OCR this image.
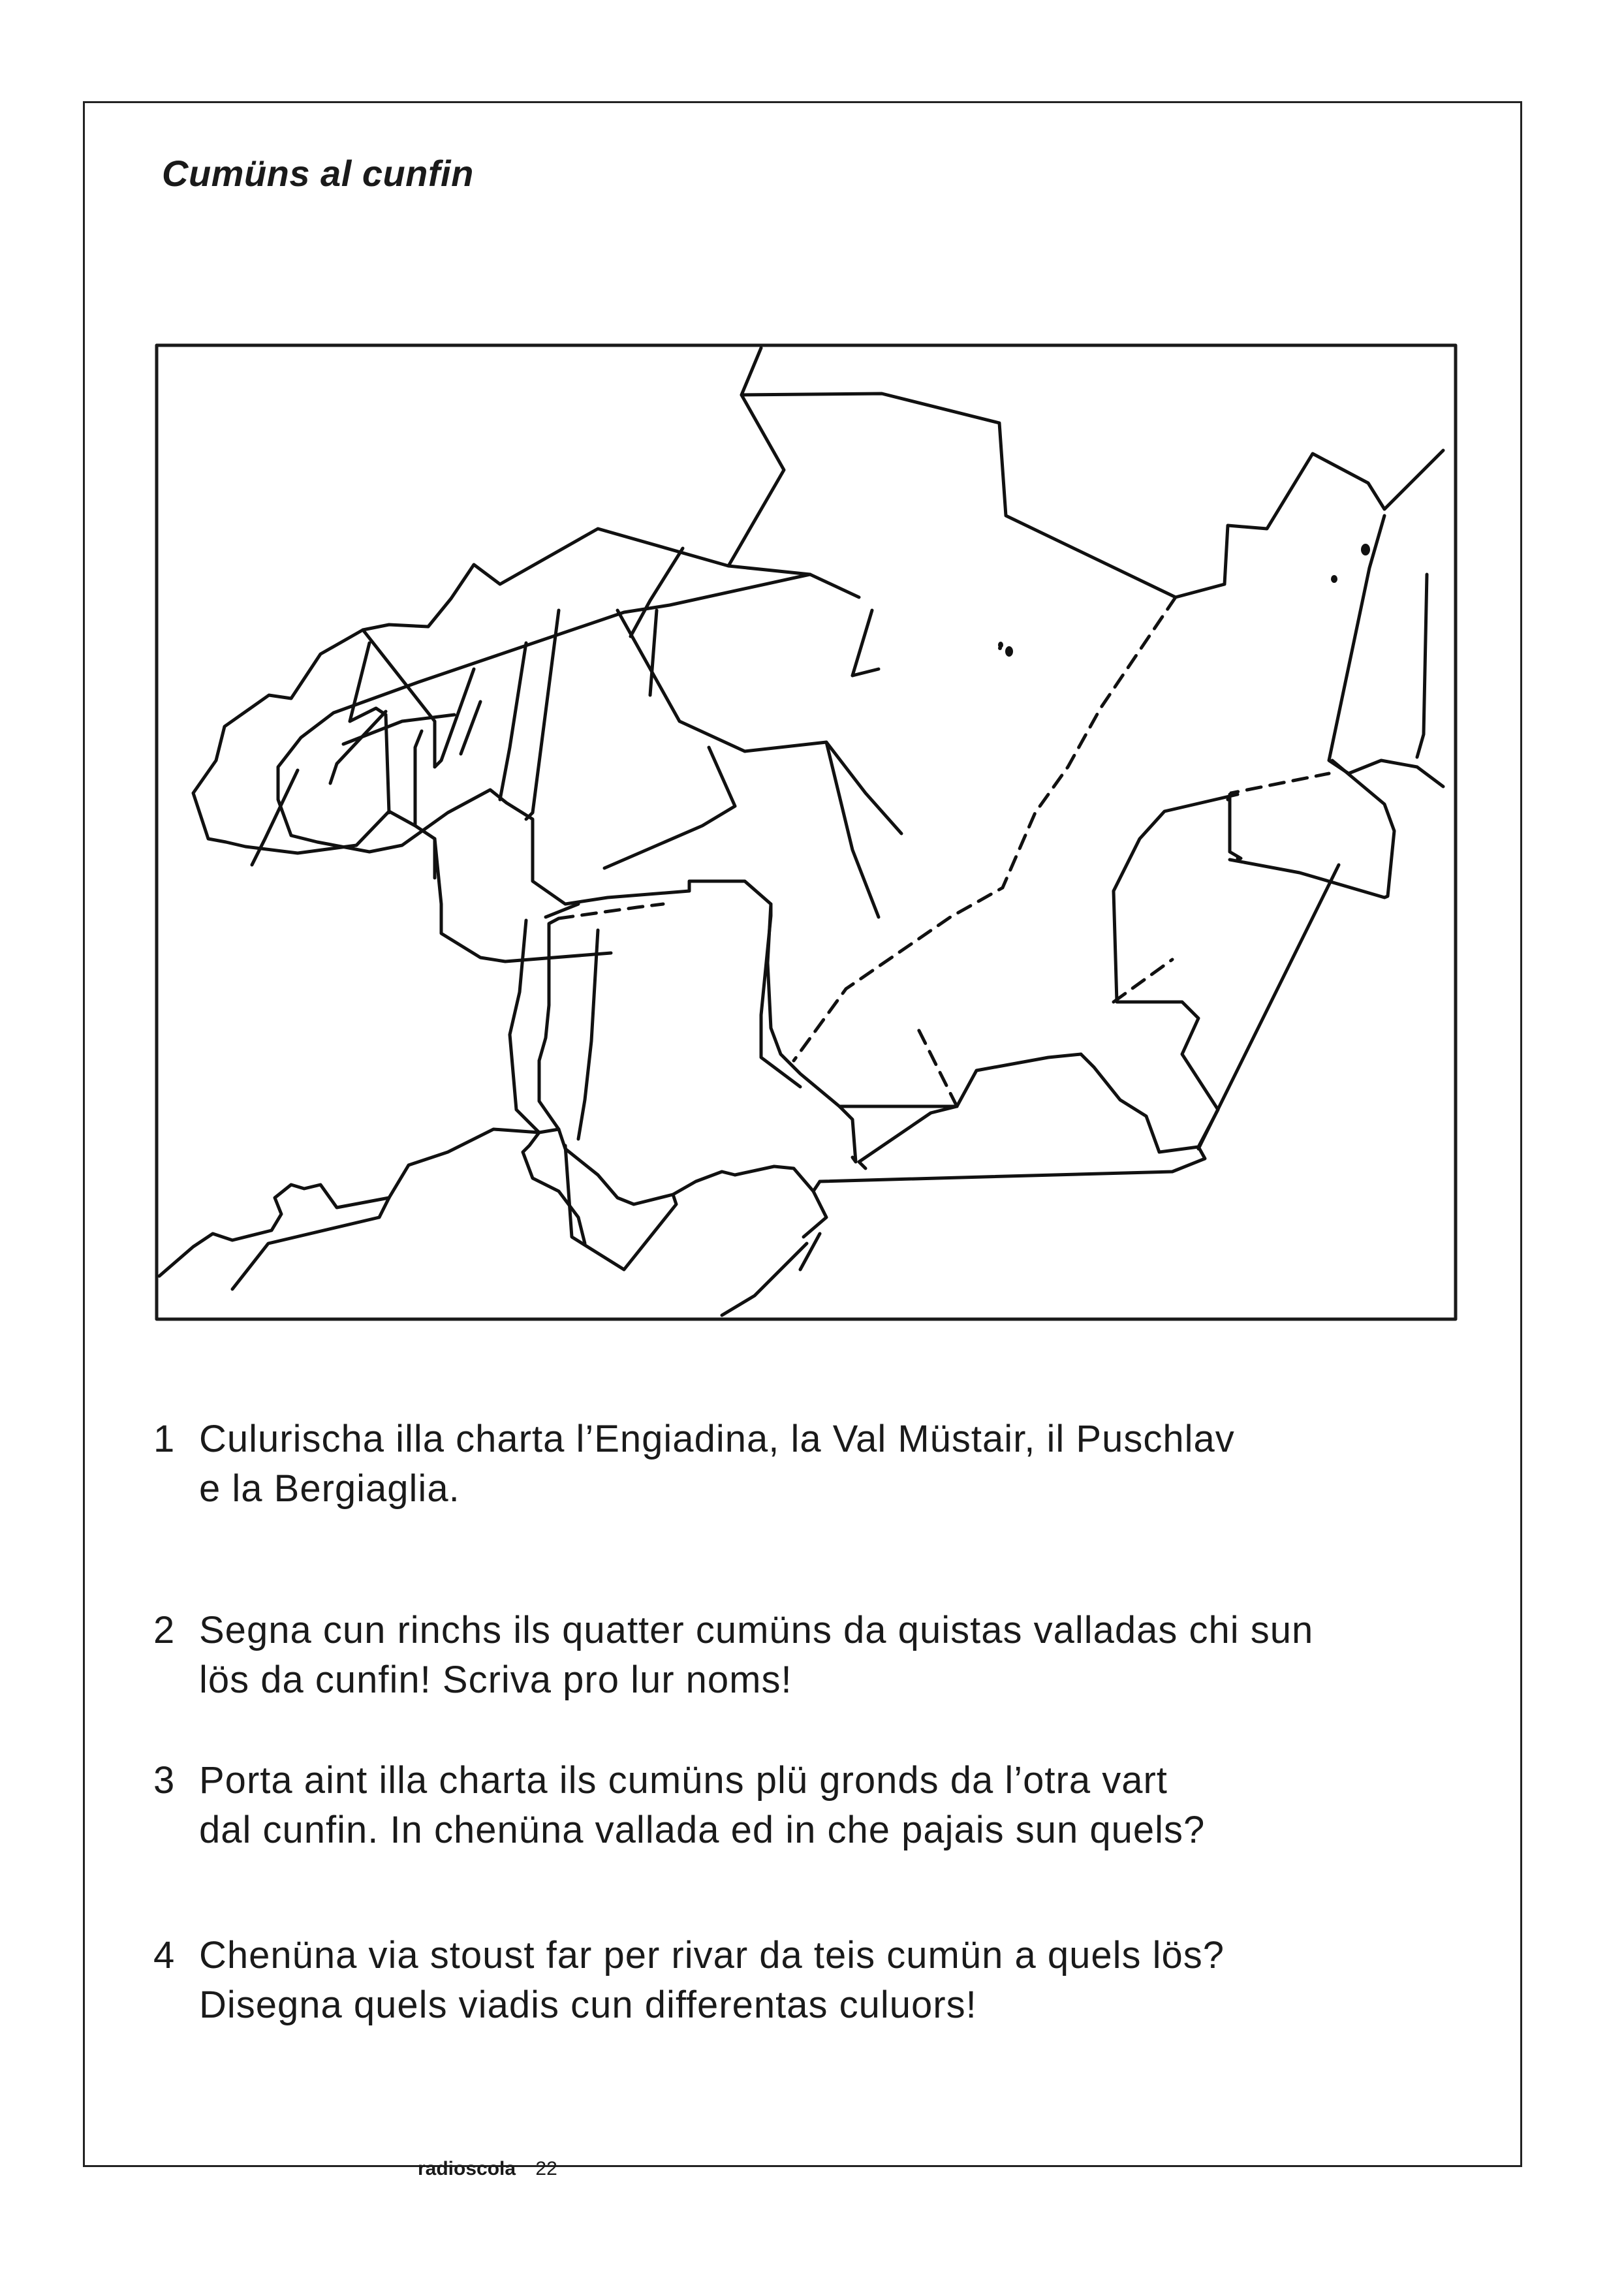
Cumüns al cunfin
1 Culurischa illa charta l’Engiadina, la Val Müstair, il Puschlav
e la Bergiaglia.
2 Segna cun rinchs ils quatter cumüns da quistas valladas chi sun
lös da cunfin! Scriva pro lur noms!
3 Porta aint illa charta ils cumüns plü gronds da l’otra vart
dal cunfin. In chenüna vallada ed in che pajais sun quels?
4 Chenüna via stoust far per rivar da teis cumün a quels lös?
Disegna quels viadis cun differentas culuors!
radioscola 22
